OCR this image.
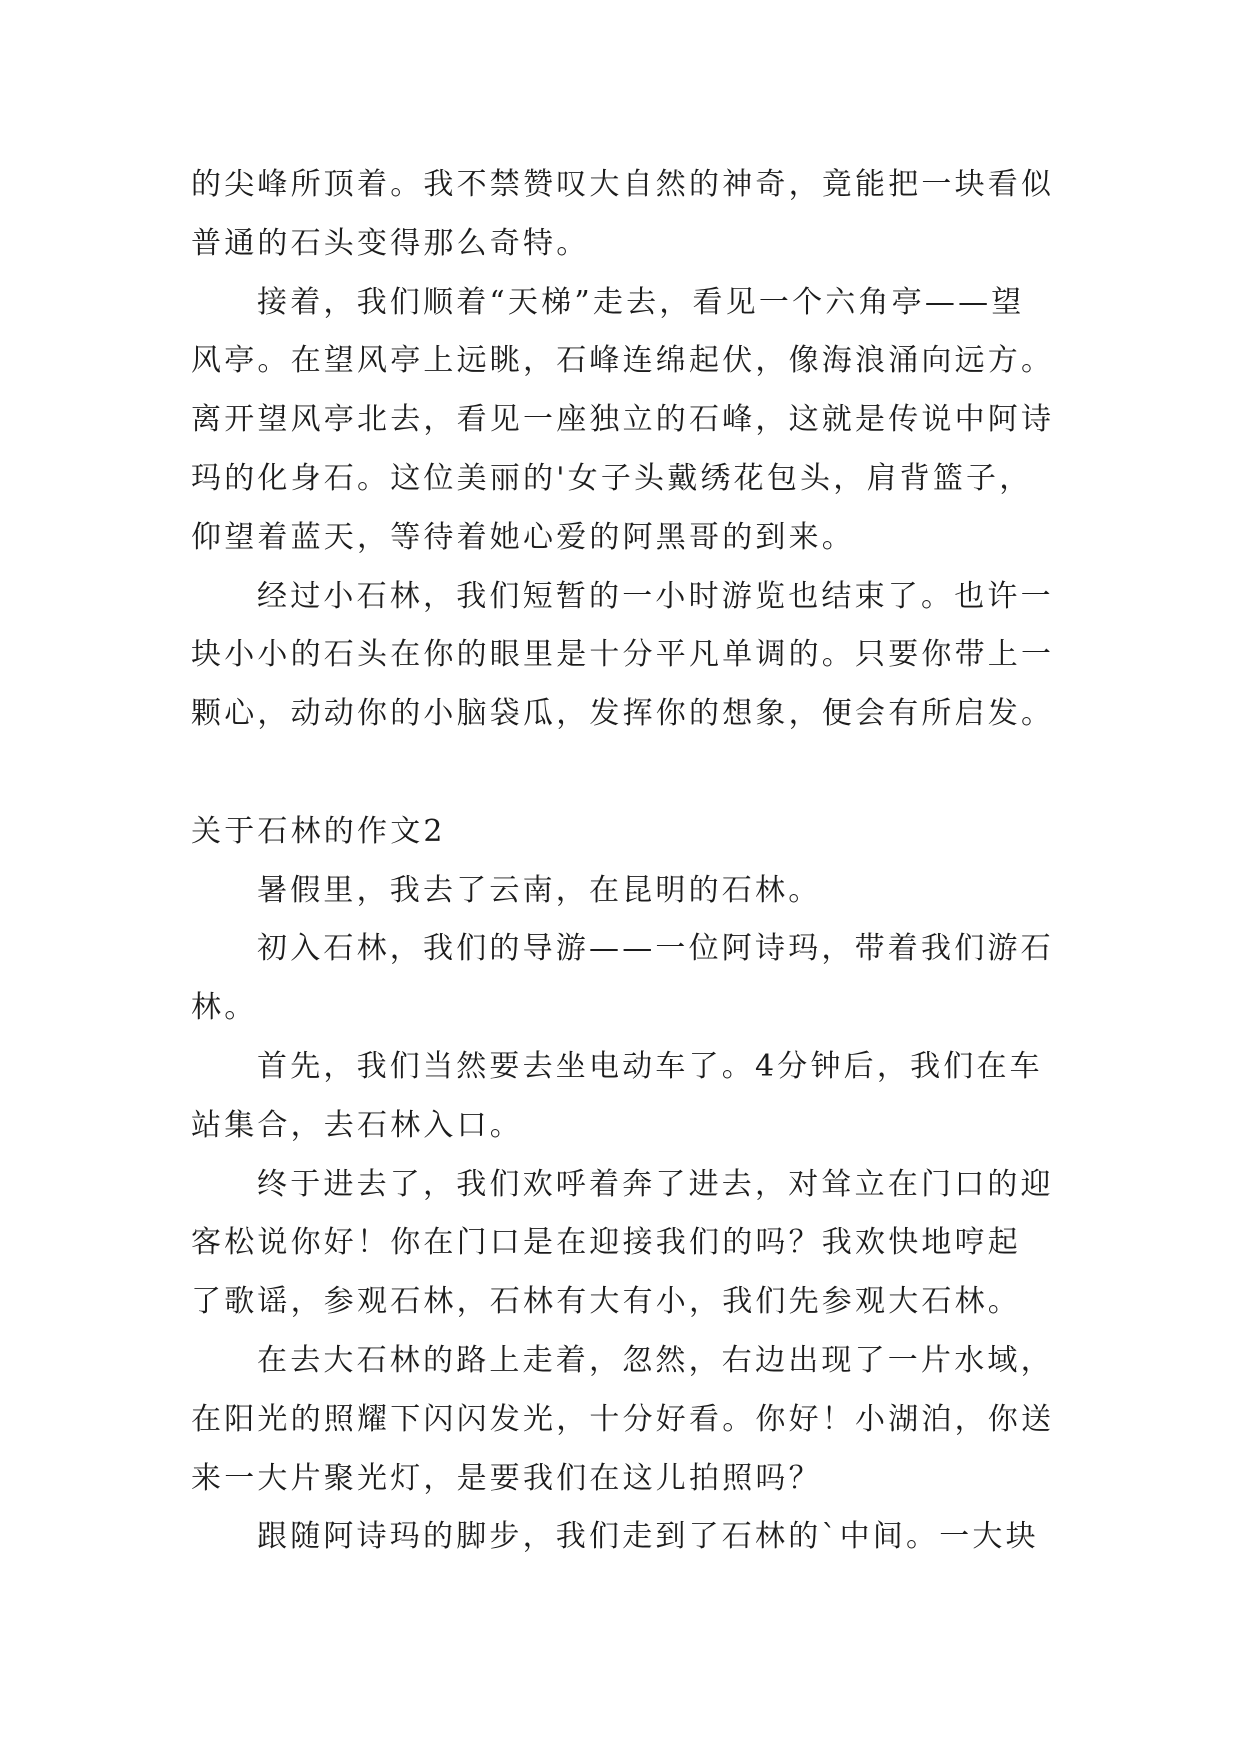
的尖峰所顶着。我不禁赞叹大自然的神奇，竟能把一块看似
普通的石头变得那么奇特。
接着，我们顺着“天梯”走去，看见一个六角亭——望
风亭。在望风亭上远眺，石峰连绵起伏，像海浪涌向远方。
离开望风亭北去，看见一座独立的石峰，这就是传说中阿诗
玛的化身石。这位美丽的'女子头戴绣花包头，肩背篮子，
仰望着蓝天，等待着她心爱的阿黑哥的到来。
经过小石林，我们短暂的一小时游览也结束了。也许一
块小小的石头在你的眼里是十分平凡单调的。只要你带上一
颗心，动动你的小脑袋瓜，发挥你的想象，便会有所启发。
关于石林的作文2
暑假里，我去了云南，在昆明的石林。
初入石林，我们的导游——一位阿诗玛，带着我们游石
林。
首先，我们当然要去坐电动车了。4分钟后，我们在车
站集合，去石林入口。
终于进去了，我们欢呼着奔了进去，对耸立在门口的迎
客松说你好！你在门口是在迎接我们的吗？我欢快地哼起
了歌谣，参观石林，石林有大有小，我们先参观大石林。
在去大石林的路上走着，忽然，右边出现了一片水域，
在阳光的照耀下闪闪发光，十分好看。你好！小湖泊，你送
来一大片聚光灯，是要我们在这儿拍照吗？
跟随阿诗玛的脚步，我们走到了石林的`中间。一大块
